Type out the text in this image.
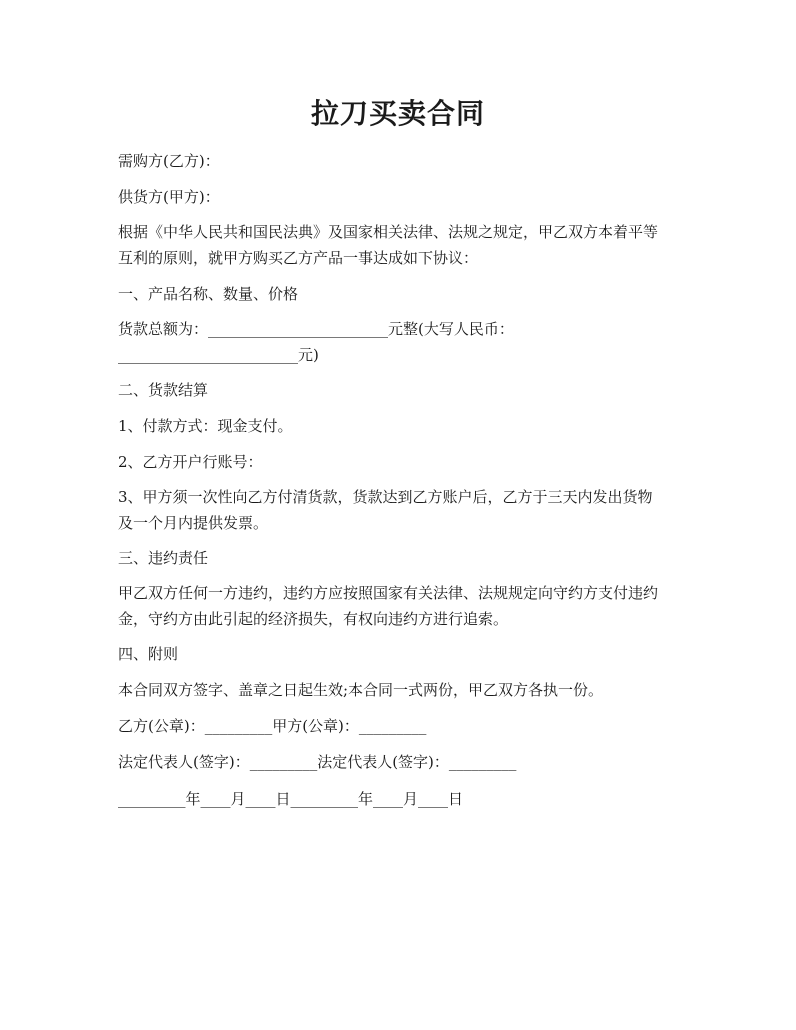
拉刀买卖合同
需购方(乙方)：
供货方(甲方)：
根据《中华人民共和国民法典》及国家相关法律、法规之规定，甲乙双方本着平等
互利的原则，就甲方购买乙方产品一事达成如下协议：
一、产品名称、数量、价格
货款总额为：________________________元整(大写人民币：
________________________元)
二、货款结算
1、付款方式：现金支付。
2、乙方开户行账号：
3、甲方须一次性向乙方付清货款，货款达到乙方账户后，乙方于三天内发出货物
及一个月内提供发票。
三、违约责任
甲乙双方任何一方违约，违约方应按照国家有关法律、法规规定向守约方支付违约
金，守约方由此引起的经济损失，有权向违约方进行追索。
四、附则
本合同双方签字、盖章之日起生效;本合同一式两份，甲乙双方各执一份。
乙方(公章)：_________甲方(公章)：_________
法定代表人(签字)：_________法定代表人(签字)：_________
_________年____月____日_________年____月____日
